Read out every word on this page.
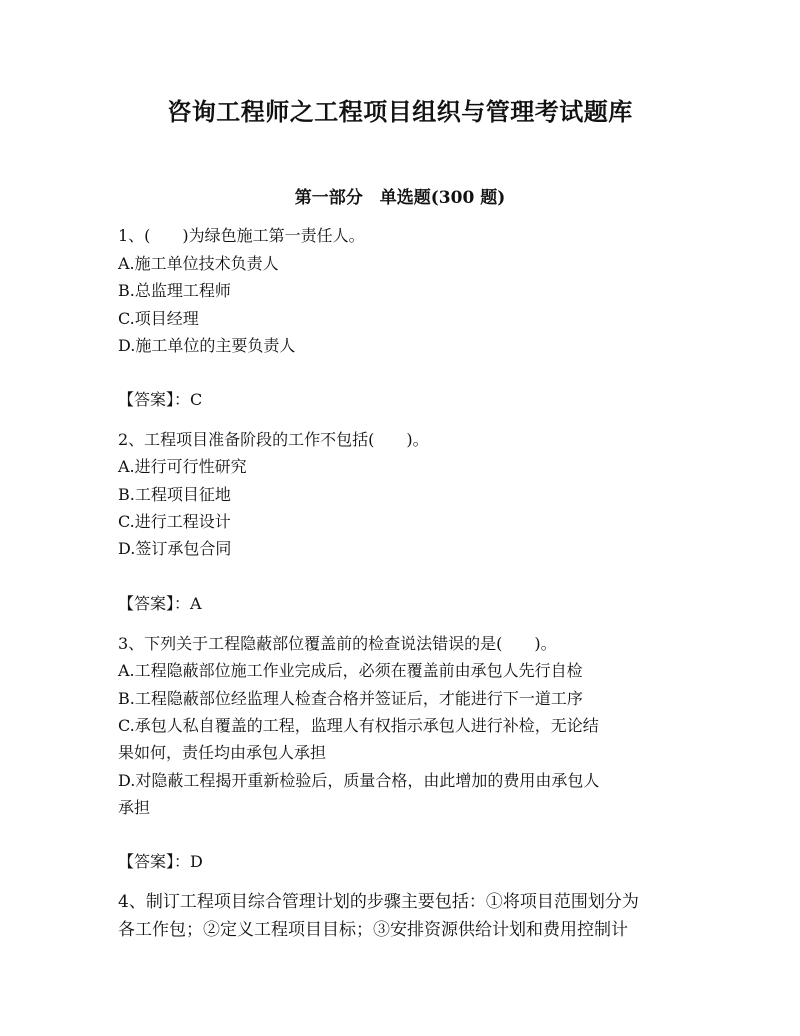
咨询工程师之工程项目组织与管理考试题库
第一部分　单选题(300 题)
1、(　　)为绿色施工第一责任人。
A.施工单位技术负责人
B.总监理工程师
C.项目经理
D.施工单位的主要负责人
【答案】：C
2、工程项目准备阶段的工作不包括(　　)。
A.进行可行性研究
B.工程项目征地
C.进行工程设计
D.签订承包合同
【答案】：A
3、下列关于工程隐蔽部位覆盖前的检查说法错误的是(　　)。
A.工程隐蔽部位施工作业完成后，必须在覆盖前由承包人先行自检
B.工程隐蔽部位经监理人检查合格并签证后，才能进行下一道工序
C.承包人私自覆盖的工程，监理人有权指示承包人进行补检，无论结
果如何，责任均由承包人承担
D.对隐蔽工程揭开重新检验后，质量合格，由此增加的费用由承包人
承担
【答案】：D
4、制订工程项目综合管理计划的步骤主要包括：①将项目范围划分为
各工作包；②定义工程项目目标；③安排资源供给计划和费用控制计
